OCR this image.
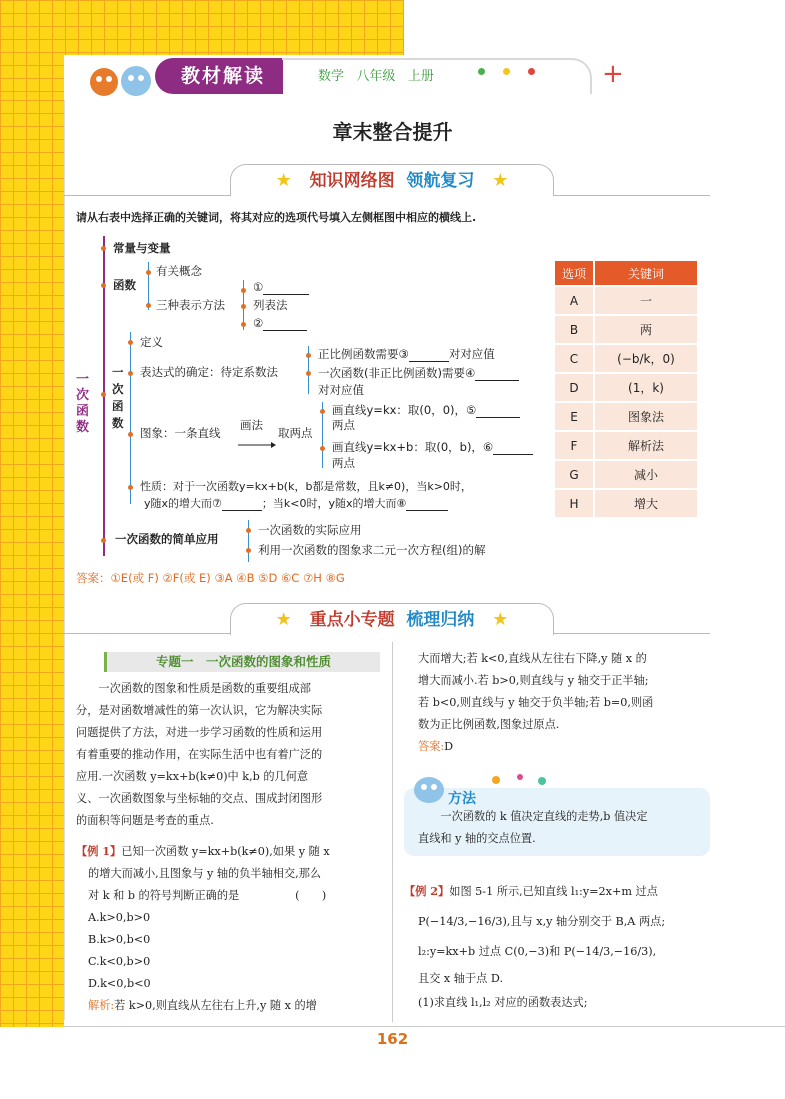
教材解读	数学 八年级 上册	+
章末整合提升
★ 知识网络图 领航复习 ★
请从右表中选择正确的关键词，将其对应的选项代号填入左侧框图中相应的横线上.
一次函数
常量与变量
函数
有关概念
三种表示方法
①
列表法
②
一次函数
定义
表达式的确定：待定系数法
正比例函数需要③	对对应值
一次函数(非正比例函数)需要④
对对应值
图象：一条直线
画法
取两点
画直线y=kx：取(0，0)，⑤
两点
画直线y=kx+b：取(0，b)，⑥
两点
性质：对于一次函数y=kx+b(k，b都是常数，且k≠0)，当k>0时，
y随x的增大而⑦	；当k<0时，y随x的增大而⑧
一次函数的简单应用
一次函数的实际应用
利用一次函数的图象求二元一次方程(组)的解
选项	关键词
A	一
B	两
C	(−b/k，0)
D	(1，k)
E	图象法
F	解析法
G	减小
H	增大
答案：①E(或 F) ②F(或 E) ③A ④B ⑤D ⑥C ⑦H ⑧G
★ 重点小专题 梳理归纳 ★
专题一　一次函数的图象和性质
一次函数的图象和性质是函数的重要组成部
分，是对函数增减性的第一次认识，它为解决实际
问题提供了方法，对进一步学习函数的性质和运用
有着重要的推动作用，在实际生活中也有着广泛的
应用.一次函数 y=kx+b(k≠0)中 k,b 的几何意
义、一次函数图象与坐标轴的交点、围成封闭图形
的面积等问题是考查的重点.
【例 1】已知一次函数 y=kx+b(k≠0),如果 y 随 x
的增大而减小,且图象与 y 轴的负半轴相交,那么
对 k 和 b 的符号判断正确的是　　　　　(　　)
A.k>0,b>0
B.k>0,b<0
C.k<0,b>0
D.k<0,b<0
解析:若 k>0,则直线从左往右上升,y 随 x 的增
大而增大;若 k<0,直线从左往右下降,y 随 x 的
增大而减小.若 b>0,则直线与 y 轴交于正半轴;
若 b<0,则直线与 y 轴交于负半轴;若 b=0,则函
数为正比例函数,图象过原点.
答案:D
方法
一次函数的 k 值决定直线的走势,b 值决定
直线和 y 轴的交点位置.
【例 2】如图 5-1 所示,已知直线 l₁:y=2x+m 过点
P(−14/3,−16/3),且与 x,y 轴分别交于 B,A 两点;
l₂:y=kx+b 过点 C(0,−3)和 P(−14/3,−16/3),
且交 x 轴于点 D.
(1)求直线 l₁,l₂ 对应的函数表达式;
162
